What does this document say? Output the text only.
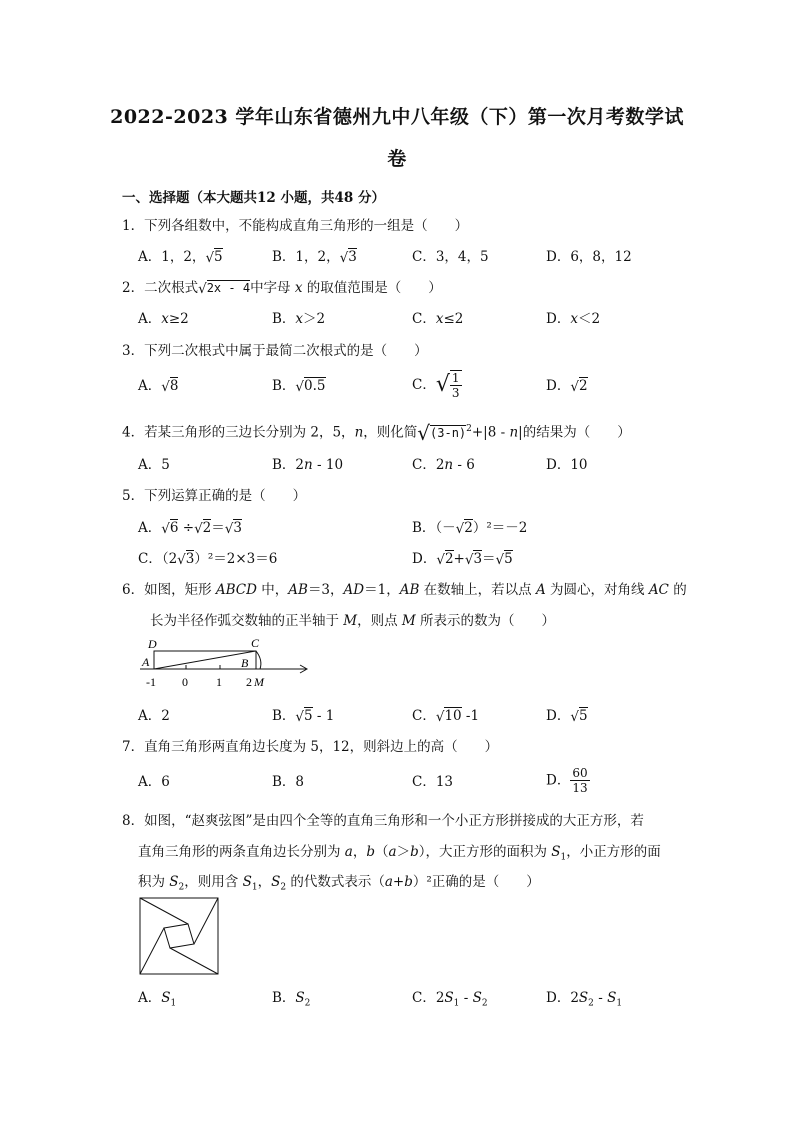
2022-2023 学年山东省德州九中八年级（下）第一次月考数学试
卷
一、选择题（本大题共12 小题，共48 分）
1．下列各组数中，不能构成直角三角形的一组是（　　）
A．1，2，√5	B．1，2，√3	C．3，4，5	D．6，8，12
2．二次根式√2x - 4中字母 x 的取值范围是（　　）
A．x≥2	B．x＞2	C．x≤2	D．x＜2
3．下列二次根式中属于最简二次根式的是（　　）
A．√8	B．√0.5	C．√ $\frac{1}{3}$	D．√2
4．若某三角形的三边长分别为 2，5，n，则化简$√(3-n)^2+|8 - n|$的结果为（　　）
A．5	B．2n - 10	C．2n - 6	D．10
5．下列运算正确的是（　　）
A．√6 ÷√2＝√3	B．（－√2）²＝－2
C．（2√3）²＝2×3＝6	D．√2+√3＝√5
6．如图，矩形 ABCD 中，AB＝3，AD＝1，AB 在数轴上，若以点 A 为圆心，对角线 AC 的
长为半径作弧交数轴的正半轴于 M，则点 M 所表示的数为（　　）
D	C
A	B
-1 0 1 2 M
A．2	B．√5 - 1	C．√10 -1	D．√5
7．直角三角形两直角边长度为 5，12，则斜边上的高（　　）
A．6	B．8	C．13	D． $\frac{60}{13}$
8．如图，“赵爽弦图”是由四个全等的直角三角形和一个小正方形拼接成的大正方形，若
直角三角形的两条直角边长分别为 a，b（a＞b），大正方形的面积为 $S_1$，小正方形的面
积为 $S_2$，则用含 $S_1$，$S_2$ 的代数式表示（a+b）²正确的是（　　）
A．$S_1$	B．$S_2$	C．$2S_1 - S_2$	D．$2S_2 - S_1$
